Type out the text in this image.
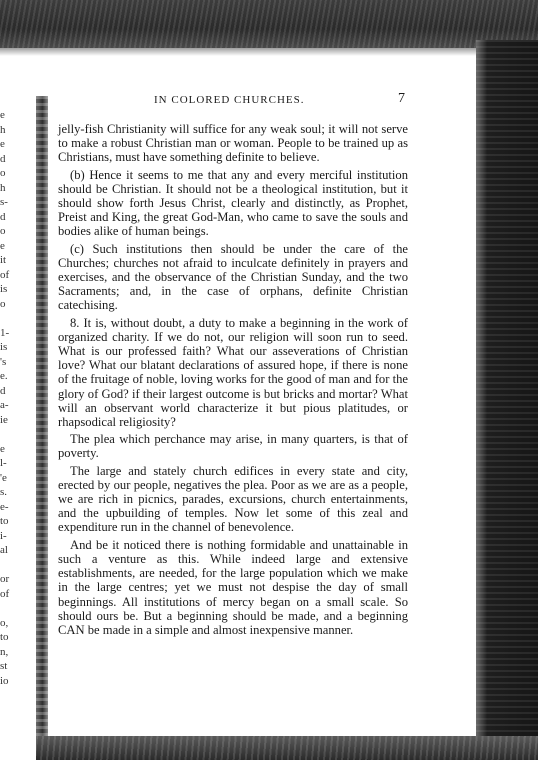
e
h
e
d
o
h
s-
d
o
e
it
of
is
o
1-
is
's
e.
d
a-
ie
e
l-
'e
s.
e-
to
i-
al
or
of
o,
to
n,
st
io
IN COLORED CHURCHES.	7

jelly-fish Christianity will suffice for any weak soul; it will not serve to make a robust Christian man or woman. People to be trained up as Christians, must have something definite to believe.

(b) Hence it seems to me that any and every merciful institution should be Christian. It should not be a theological institution, but it should show forth Jesus Christ, clearly and distinctly, as Prophet, Preist and King, the great God-Man, who came to save the souls and bodies alike of human beings.

(c) Such institutions then should be under the care of the Churches; churches not afraid to inculcate definitely in prayers and exercises, and the observance of the Christian Sunday, and the two Sacraments; and, in the case of orphans, definite Christian catechising.

8. It is, without doubt, a duty to make a beginning in the work of organized charity. If we do not, our religion will soon run to seed. What is our professed faith? What our asseverations of Christian love? What our blatant declarations of assured hope, if there is none of the fruitage of noble, loving works for the good of man and for the glory of God? if their largest outcome is but bricks and mortar? What will an observant world characterize it but pious platitudes, or rhapsodical religiosity?

The plea which perchance may arise, in many quarters, is that of poverty.

The large and stately church edifices in every state and city, erected by our people, negatives the plea. Poor as we are as a people, we are rich in picnics, parades, excursions, church entertainments, and the upbuilding of temples. Now let some of this zeal and expenditure run in the channel of benevolence.

And be it noticed there is nothing formidable and unattainable in such a venture as this. While indeed large and extensive establishments, are needed, for the large population which we make in the large centres; yet we must not despise the day of small beginnings. All institutions of mercy began on a small scale. So should ours be. But a beginning should be made, and a beginning CAN be made in a simple and almost inexpensive manner.
